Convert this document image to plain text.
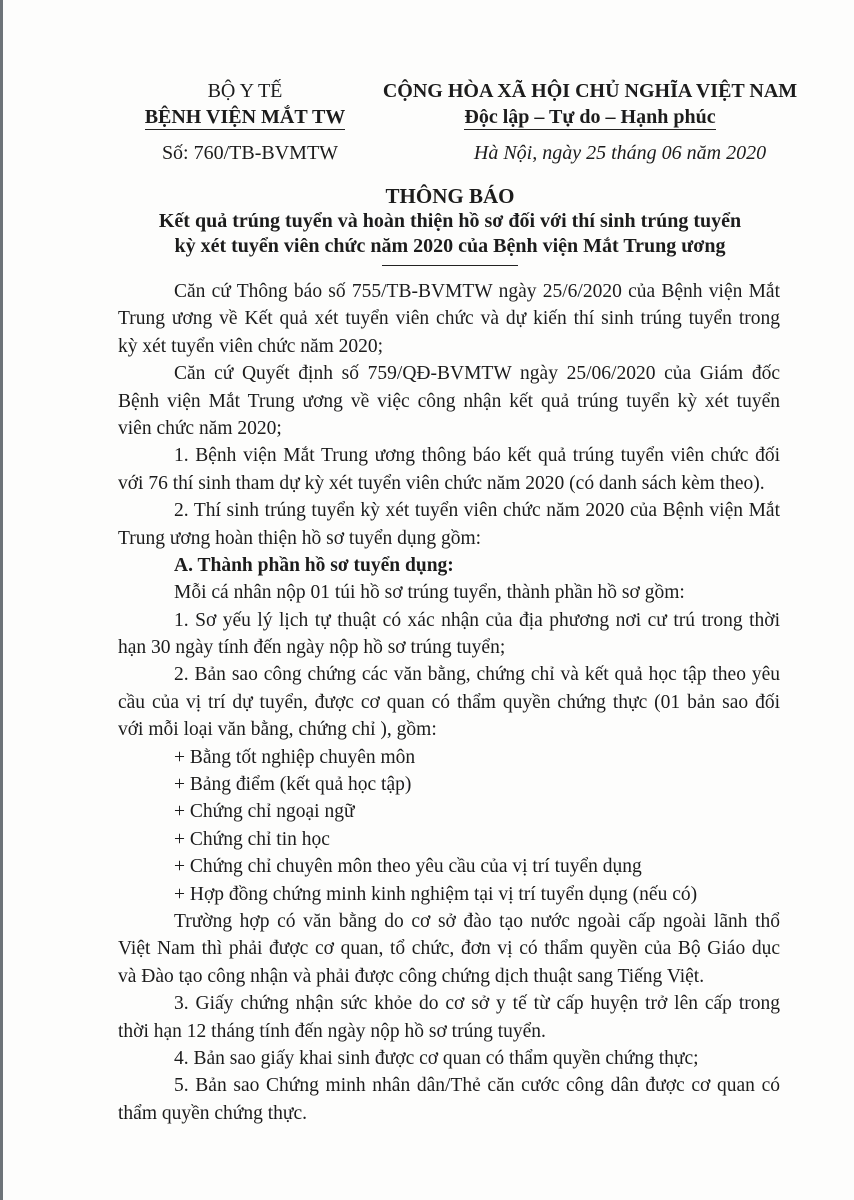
BỘ Y TẾ
BỆNH VIỆN MẮT TW
CỘNG HÒA XÃ HỘI CHỦ NGHĨA VIỆT NAM
Độc lập – Tự do – Hạnh phúc
Số: 760/TB-BVMTW	Hà Nội, ngày 25 tháng 06 năm 2020
THÔNG BÁO
Kết quả trúng tuyển và hoàn thiện hồ sơ đối với thí sinh trúng tuyển
kỳ xét tuyển viên chức năm 2020 của Bệnh viện Mắt Trung ương
Căn cứ Thông báo số 755/TB-BVMTW ngày 25/6/2020 của Bệnh viện Mắt
Trung ương về Kết quả xét tuyển viên chức và dự kiến thí sinh trúng tuyển trong
kỳ xét tuyển viên chức năm 2020;
Căn cứ Quyết định số 759/QĐ-BVMTW ngày 25/06/2020 của Giám đốc
Bệnh viện Mắt Trung ương về việc công nhận kết quả trúng tuyển kỳ xét tuyển
viên chức năm 2020;
1. Bệnh viện Mắt Trung ương thông báo kết quả trúng tuyển viên chức đối
với 76 thí sinh tham dự kỳ xét tuyển viên chức năm 2020 (có danh sách kèm theo).
2. Thí sinh trúng tuyển kỳ xét tuyển viên chức năm 2020 của Bệnh viện Mắt
Trung ương hoàn thiện hồ sơ tuyển dụng gồm:
A. Thành phần hồ sơ tuyển dụng:
Mỗi cá nhân nộp 01 túi hồ sơ trúng tuyển, thành phần hồ sơ gồm:
1. Sơ yếu lý lịch tự thuật có xác nhận của địa phương nơi cư trú trong thời
hạn 30 ngày tính đến ngày nộp hồ sơ trúng tuyển;
2. Bản sao công chứng các văn bằng, chứng chỉ và kết quả học tập theo yêu
cầu của vị trí dự tuyển, được cơ quan có thẩm quyền chứng thực (01 bản sao đối
với mỗi loại văn bằng, chứng chỉ ), gồm:
+ Bằng tốt nghiệp chuyên môn
+ Bảng điểm (kết quả học tập)
+ Chứng chỉ ngoại ngữ
+ Chứng chỉ tin học
+ Chứng chỉ chuyên môn theo yêu cầu của vị trí tuyển dụng
+ Hợp đồng chứng minh kinh nghiệm tại vị trí tuyển dụng (nếu có)
Trường hợp có văn bằng do cơ sở đào tạo nước ngoài cấp ngoài lãnh thổ
Việt Nam thì phải được cơ quan, tổ chức, đơn vị có thẩm quyền của Bộ Giáo dục
và Đào tạo công nhận và phải được công chứng dịch thuật sang Tiếng Việt.
3. Giấy chứng nhận sức khỏe do cơ sở y tế từ cấp huyện trở lên cấp trong
thời hạn 12 tháng tính đến ngày nộp hồ sơ trúng tuyển.
4. Bản sao giấy khai sinh được cơ quan có thẩm quyền chứng thực;
5. Bản sao Chứng minh nhân dân/Thẻ căn cước công dân được cơ quan có
thẩm quyền chứng thực.
